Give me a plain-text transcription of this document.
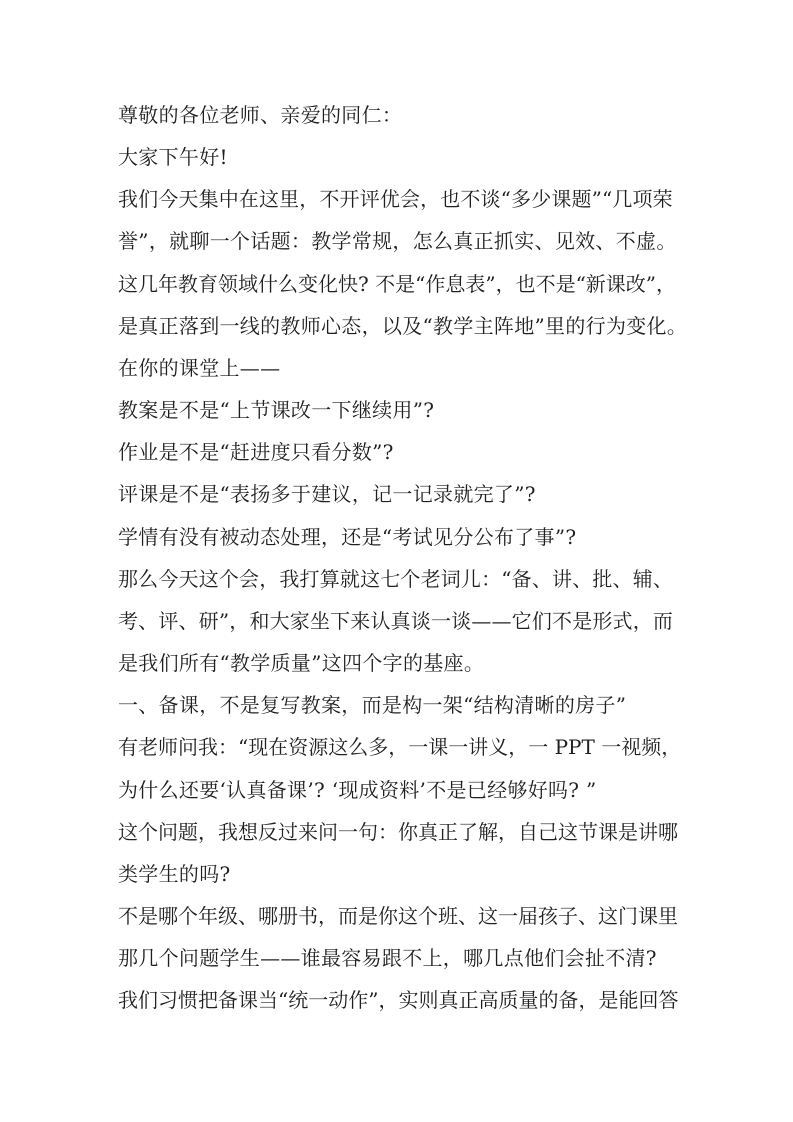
尊敬的各位老师、亲爱的同仁：
大家下午好!
我 们 今 天 集 中 在 这 里 ， 不 开 评 优 会 ， 也 不 谈 “ 多 少 课 题 ” “ 几 项 荣
誉”，就聊一个话题：教学常规，怎么真正抓实、见效、不虚。
这 几 年 教 育 领 域 什 么 变 化 快 ?
不 是 “ 作 息 表 ” ， 也 不 是 “ 新 课 改 ” ，
是真正落到一线的教师心态，以及“教学主阵地”里的行为变化。
在你的课堂上——
教案是不是“上节课改一下继续用”?
作业是不是“赶进度只看分数”?
评课是不是“表扬多于建议，记一记录就完了”?
学情有没有被动态处理，还是“考试见分公布了事”?
那 么 今 天 这 个 会 ， 我 打 算 就 这 七 个 老 词 儿 ： “ 备 、 讲 、 批 、 辅 、
考 、 评 、 研 ” ， 和 大 家 坐 下 来 认 真 谈 一 谈 — — 它 们 不 是 形 式 ， 而
是我们所有“教学质量”这四个字的基座。
一、备课，不是复写教案，而是构一架“结构清晰的房子”
有 老 师 问 我 ： “ 现 在 资 源 这 么 多 ， 一 课 一 讲 义 ， 一
PPT
一 视 频 ，
为什么还要‘认真备课’? ‘现成资料’不是已经够好吗? ”
这 个 问 题 ， 我 想 反 过 来 问 一 句 ： 你 真 正 了 解 ， 自 己 这 节 课 是 讲 哪
类学生的吗?
不 是 哪 个 年 级 、 哪 册 书 ， 而 是 你 这 个 班 、 这 一 届 孩 子 、 这 门 课 里
那几个问题学生——谁最容易跟不上，哪几点他们会扯不清?
我 们 习 惯 把 备 课 当 “ 统 一 动 作 ” ， 实 则 真 正 高 质 量 的 备 ， 是 能 回 答
